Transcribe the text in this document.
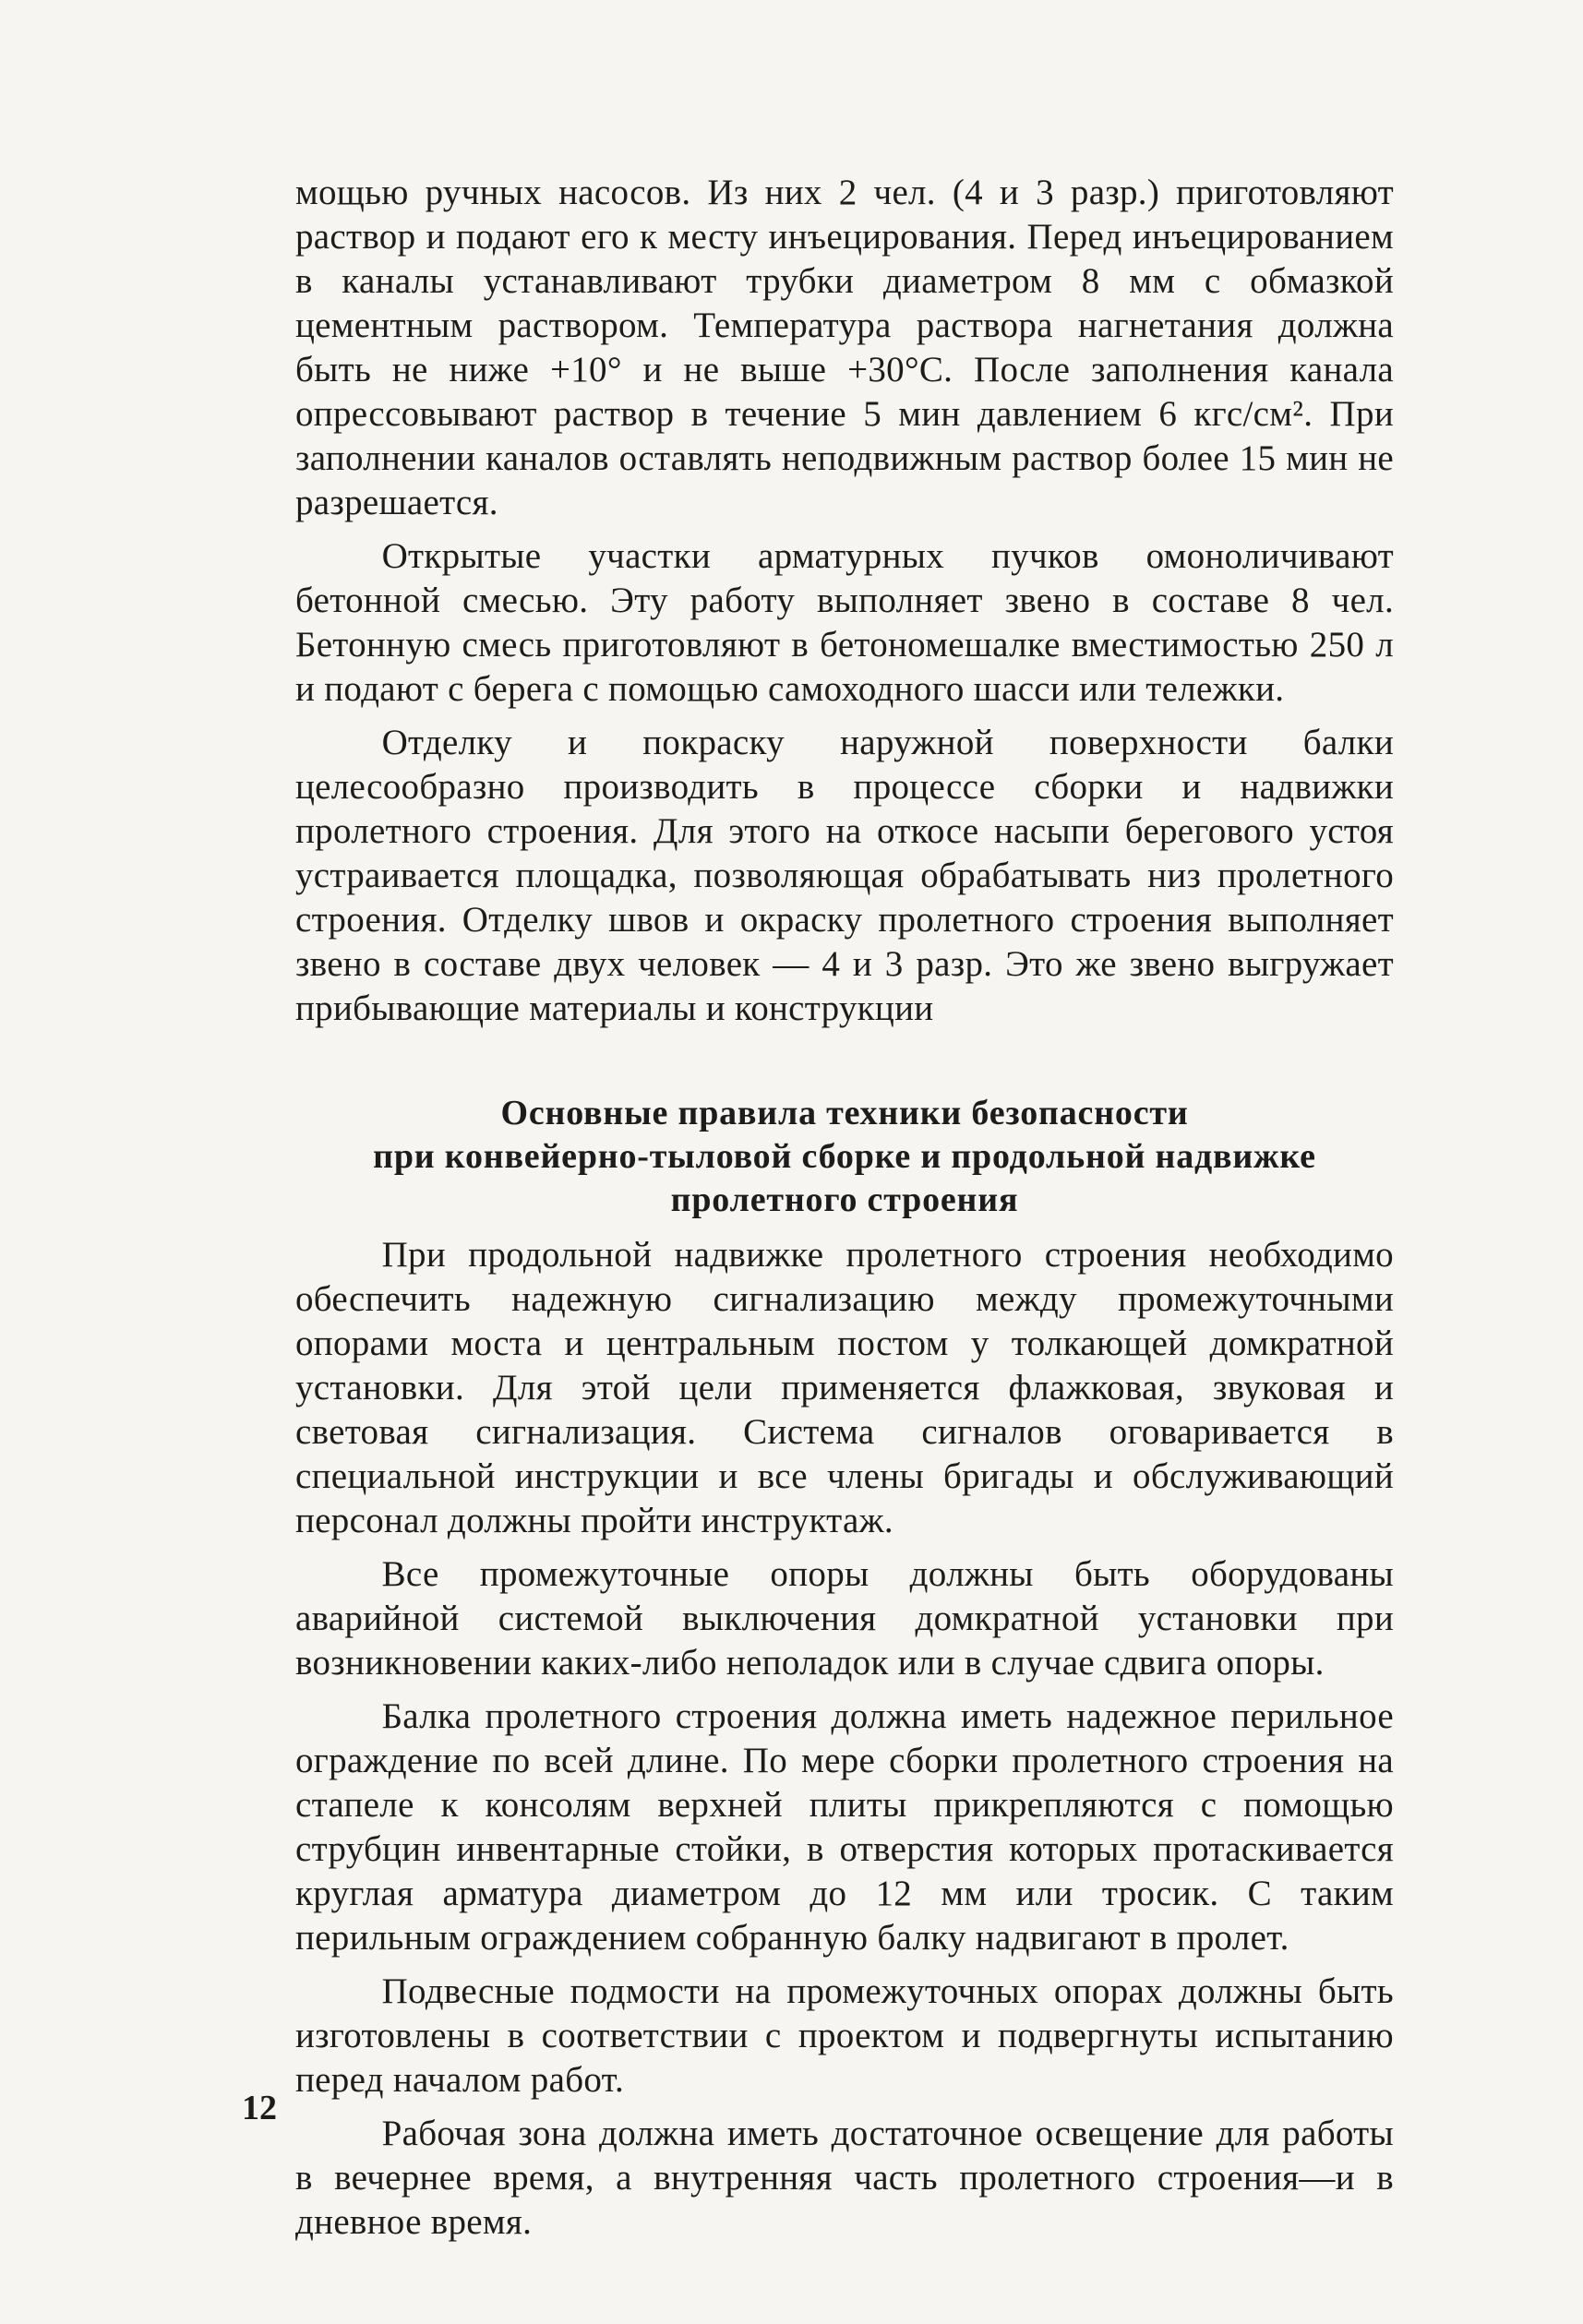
мощью ручных насосов. Из них 2 чел. (4 и 3 разр.) приготовляют раствор и подают его к месту инъецирования. Перед инъецированием в каналы устанавливают трубки диаметром 8 мм с обмазкой цементным раствором. Температура раствора нагнетания должна быть не ниже +10° и не выше +30°C. После заполнения канала опрессовывают раствор в течение 5 мин давлением 6 кгс/см². При заполнении каналов оставлять неподвижным раствор более 15 мин не разрешается.

Открытые участки арматурных пучков омоноличивают бетонной смесью. Эту работу выполняет звено в составе 8 чел. Бетонную смесь приготовляют в бетономешалке вместимостью 250 л и подают с берега с помощью самоходного шасси или тележки.

Отделку и покраску наружной поверхности балки целесообразно производить в процессе сборки и надвижки пролетного строения. Для этого на откосе насыпи берегового устоя устраивается площадка, позволяющая обрабатывать низ пролетного строения. Отделку швов и окраску пролетного строения выполняет звено в составе двух человек — 4 и 3 разр. Это же звено выгружает прибывающие материалы и конструкции

Основные правила техники безопасности
при конвейерно-тыловой сборке и продольной надвижке
пролетного строения

При продольной надвижке пролетного строения необходимо обеспечить надежную сигнализацию между промежуточными опорами моста и центральным постом у толкающей домкратной установки. Для этой цели применяется флажковая, звуковая и световая сигнализация. Система сигналов оговаривается в специальной инструкции и все члены бригады и обслуживающий персонал должны пройти инструктаж.

Все промежуточные опоры должны быть оборудованы аварийной системой выключения домкратной установки при возникновении каких-либо неполадок или в случае сдвига опоры.

Балка пролетного строения должна иметь надежное перильное ограждение по всей длине. По мере сборки пролетного строения на стапеле к консолям верхней плиты прикрепляются с помощью струбцин инвентарные стойки, в отверстия которых протаскивается круглая арматура диаметром до 12 мм или тросик. С таким перильным ограждением собранную балку надвигают в пролет.

Подвесные подмости на промежуточных опорах должны быть изготовлены в соответствии с проектом и подвергнуты испытанию перед началом работ.

Рабочая зона должна иметь достаточное освещение для работы в вечернее время, а внутренняя часть пролетного строения—и в дневное время.

12
